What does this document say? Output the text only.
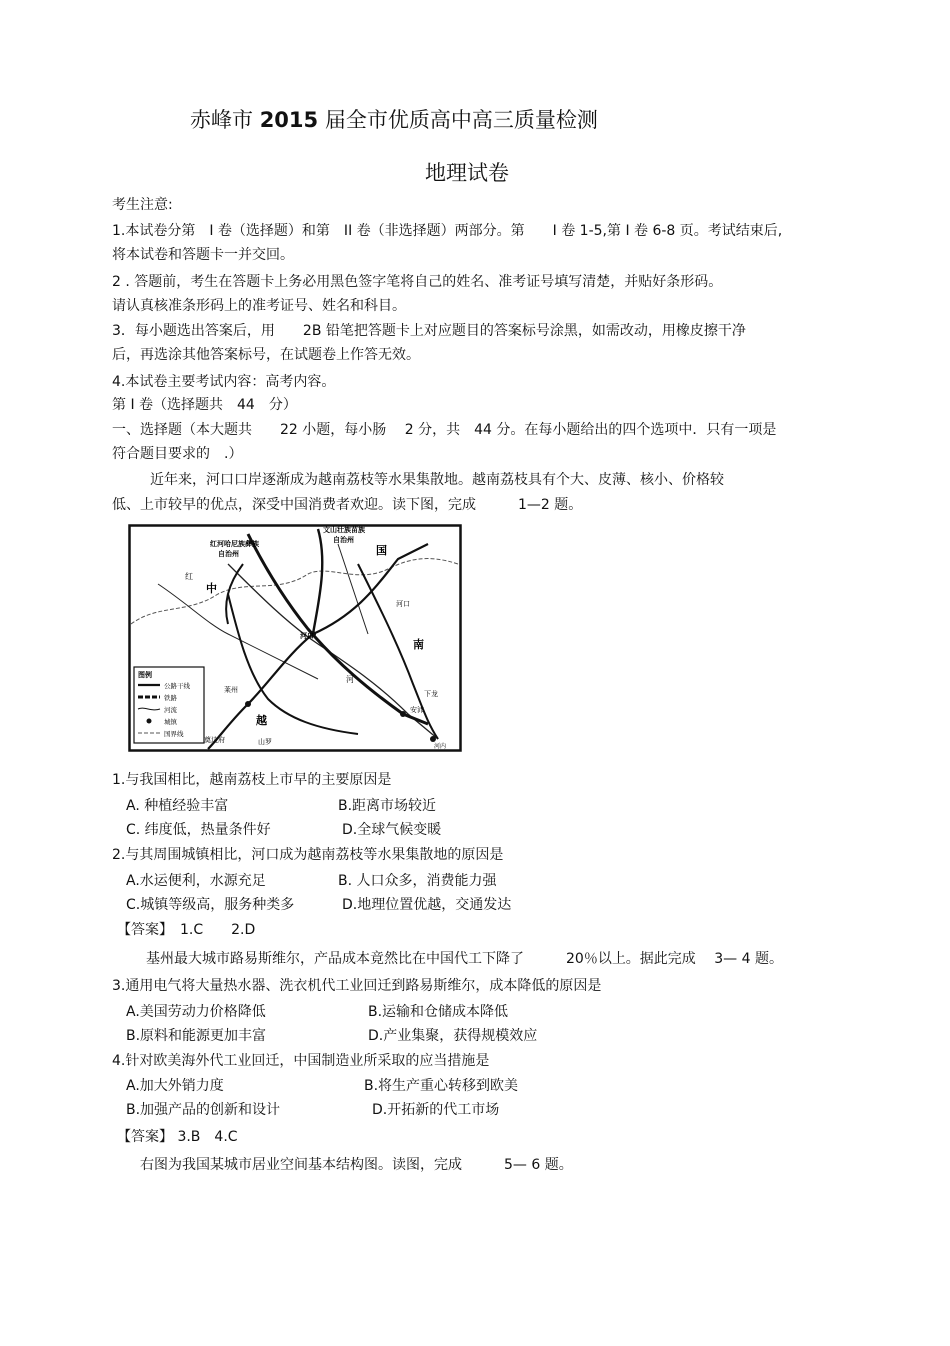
赤峰市 2015 届全市优质高中高三质量检测
地理试卷
考生注意:
1.本试卷分第　I 卷（选择题）和第　II 卷（非选择题）两部分。第　　I 卷 1-5,第 I 卷 6-8 页。考试结束后,
将本试卷和答题卡一并交回。
2 . 答题前，考生在答题卡上务必用黑色签字笔将自己的姓名、准考证号填写清楚，并贴好条形码。
请认真核准条形码上的准考证号、姓名和科目。
3．每小题选出答案后，用　　2B 铅笔把答题卡上对应题目的答案标号涂黑，如需改动，用橡皮擦干净
后，再选涂其他答案标号，在试题卷上作答无效。
4.本试卷主要考试内容：高考内容。
第 I 卷（选择题共　44　分）
一、选择题（本大题共　　22 小题，每小肠　 2 分，共　44 分。在每小题给出的四个选项中．只有一项是
符合题目要求的　.）
近年来，河口口岸逐渐成为越南荔枝等水果集散地。越南荔枝具有个大、皮薄、核小、价格较
低、上市较早的优点，深受中国消费者欢迎。读下图，完成　　　1—2 题。
红河哈尼族彝族
自治州
文山壮族苗族
自治州
国
中
红
河口
河口
南
越
河
莱州
安沛
下龙
奠边府	山罗
河内
图例
公路干线
铁路
河流
城镇
国界线
1.与我国相比，越南荔枝上市早的主要原因是
A. 种植经验丰富	B.距离市场较近
C. 纬度低，热量条件好	D.全球气候变暖
2.与其周围城镇相比，河口成为越南荔枝等水果集散地的原因是
A.水运便利，水源充足	B. 人口众多，消费能力强
C.城镇等级高，服务种类多	D.地理位置优越，交通发达
【答案】　1.C　　2.D
基州最大城市路易斯维尔，产品成本竟然比在中国代工下降了　　　20％以上。据此完成　 3— 4 题。
3.通用电气将大量热水器、洗衣机代工业回迁到路易斯维尔，成本降低的原因是
A.美国劳动力价格降低	B.运输和仓储成本降低
B.原料和能源更加丰富	D.产业集聚，获得规模效应
4.针对欧美海外代工业回迁，中国制造业所采取的应当措施是
A.加大外销力度	B.将生产重心转移到欧美
B.加强产品的创新和设计	D.开拓新的代工市场
【答案】 3.B　4.C
右图为我国某城市居业空间基本结构图。读图，完成　　　5— 6 题。
